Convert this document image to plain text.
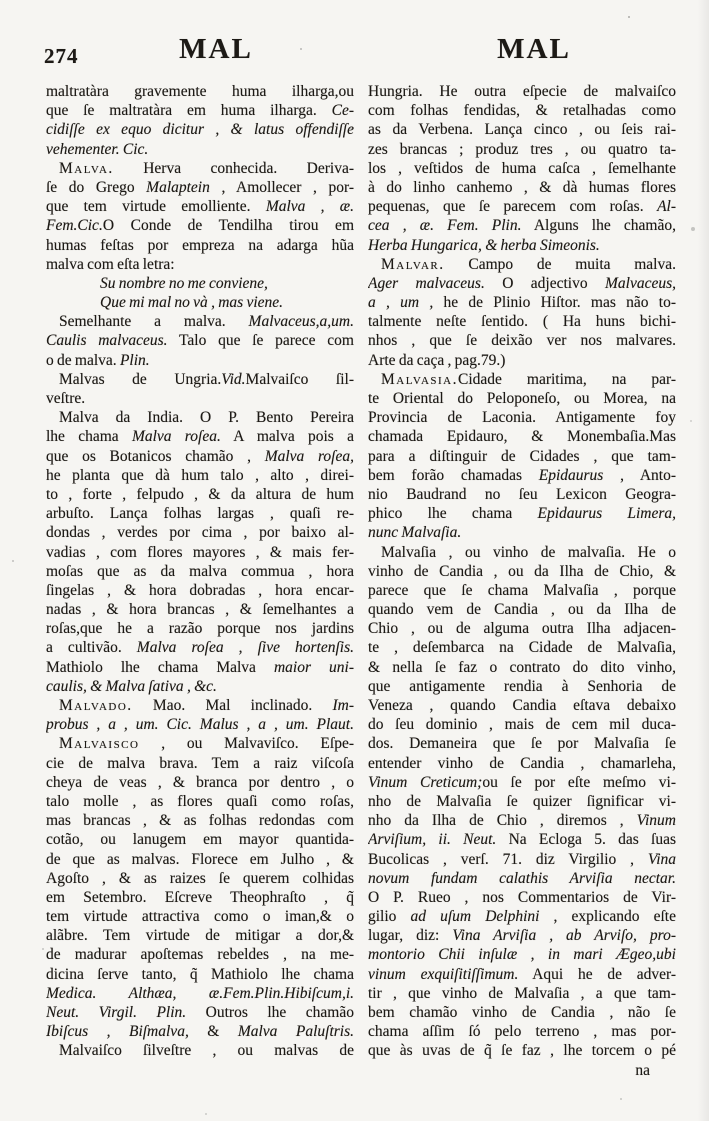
274	MAL	MAL
maltratàra gravemente huma ilharga,ou
que ſe maltratàra em huma ilharga. Ce-
cidiſſe ex equo dicitur , & latus offendiſſe
vehementer. Cic.
Malva. Herva conhecida. Deriva-
ſe do Grego Malaptein , Amollecer , por-
que tem virtude emolliente. Malva , æ.
Fem.Cic.O Conde de Tendilha tirou em
humas feſtas por empreza na adarga hũa
malva com eſta letra:
Su nombre no me conviene,
Que mi mal no và , mas viene.
Semelhante a malva. Malvaceus,a,um.
Caulis malvaceus. Talo que ſe parece com
o de malva. Plin.
Malvas de Ungria.Vid.Malvaiſco ſil-
veſtre.
Malva da India. O P. Bento Pereira
lhe chama Malva roſea. A malva pois a
que os Botanicos chamão , Malva roſea,
he planta que dà hum talo , alto , direi-
to , forte , felpudo , & da altura de hum
arbuſto. Lança folhas largas , quaſi re-
dondas , verdes por cima , por baixo al-
vadias , com flores mayores , & mais fer-
moſas que as da malva commua , hora
ſingelas , & hora dobradas , hora encar-
nadas , & hora brancas , & ſemelhantes a
roſas,que he a razão porque nos jardins
a cultivão. Malva roſea , ſive hortenſis.
Mathiolo lhe chama Malva maior uni-
caulis, & Malva ſativa , &c.
Malvado. Mao. Mal inclinado. Im-
probus , a , um. Cic. Malus , a , um. Plaut.
Malvaisco , ou Malvaviſco. Eſpe-
cie de malva brava. Tem a raiz viſcoſa
cheya de veas , & branca por dentro , o
talo molle , as flores quaſi como roſas,
mas brancas , & as folhas redondas com
cotão, ou lanugem em mayor quantida-
de que as malvas. Florece em Julho , &
Agoſto , & as raizes ſe querem colhidas
em Setembro. Eſcreve Theophraſto , q̃
tem virtude attractiva como o iman,& o
alãbre. Tem virtude de mitigar a dor,&
de madurar apoſtemas rebeldes , na me-
dicina ſerve tanto, q̃ Mathiolo lhe chama
Medica. Althæa, æ.Fem.Plin.Hibiſcum,i.
Neut. Virgil. Plin. Outros lhe chamão
Ibiſcus , Biſmalva, & Malva Paluſtris.
Malvaiſco ſilveſtre , ou malvas de
Hungria. He outra eſpecie de malvaiſco
com folhas fendidas, & retalhadas como
as da Verbena. Lança cinco , ou ſeis rai-
zes brancas ; produz tres , ou quatro ta-
los , veſtidos de huma caſca , ſemelhante
à do linho canhemo , & dà humas flores
pequenas, que ſe parecem com roſas. Al-
cea , æ. Fem. Plin. Alguns lhe chamão,
Herba Hungarica, & herba Simeonis.
Malvar. Campo de muita malva.
Ager malvaceus. O adjectivo Malvaceus,
a , um , he de Plinio Hiſtor. mas não to-
talmente neſte ſentido. ( Ha huns bichi-
nhos , que ſe deixão ver nos malvares.
Arte da caça , pag.79.)
Malvasia.Cidade maritima, na par-
te Oriental do Peloponeſo, ou Morea, na
Provincia de Laconia. Antigamente foy
chamada Epidauro, & Monembaſia.Mas
para a diſtinguir de Cidades , que tam-
bem forão chamadas Epidaurus , Anto-
nio Baudrand no ſeu Lexicon Geogra-
phico lhe chama Epidaurus Limera,
nunc Malvaſia.
Malvaſia , ou vinho de malvaſia. He o
vinho de Candia , ou da Ilha de Chio, &
parece que ſe chama Malvaſia , porque
quando vem de Candia , ou da Ilha de
Chio , ou de alguma outra Ilha adjacen-
te , deſembarca na Cidade de Malvaſia,
& nella ſe faz o contrato do dito vinho,
que antigamente rendia à Senhoria de
Veneza , quando Candia eſtava debaixo
do ſeu dominio , mais de cem mil duca-
dos. Demaneira que ſe por Malvaſia ſe
entender vinho de Candia , chamarleha,
Vinum Creticum;ou ſe por eſte meſmo vi-
nho de Malvaſia ſe quizer ſignificar vi-
nho da Ilha de Chio , diremos , Vinum
Arviſium, ii. Neut. Na Ecloga 5. das ſuas
Bucolicas , verſ. 71. diz Virgilio , Vina
novum fundam calathis Arviſia nectar.
O P. Rueo , nos Commentarios de Vir-
gilio ad uſum Delphini , explicando eſte
lugar, diz: Vina Arviſia , ab Arviſo, pro-
montorio Chii inſulæ , in mari Ægeo,ubi
vinum exquiſitiſſimum. Aqui he de adver-
tir , que vinho de Malvaſia , a que tam-
bem chamão vinho de Candia , não ſe
chama aſſim ſó pelo terreno , mas por-
que às uvas de q̃ ſe faz , lhe torcem o pé
na
